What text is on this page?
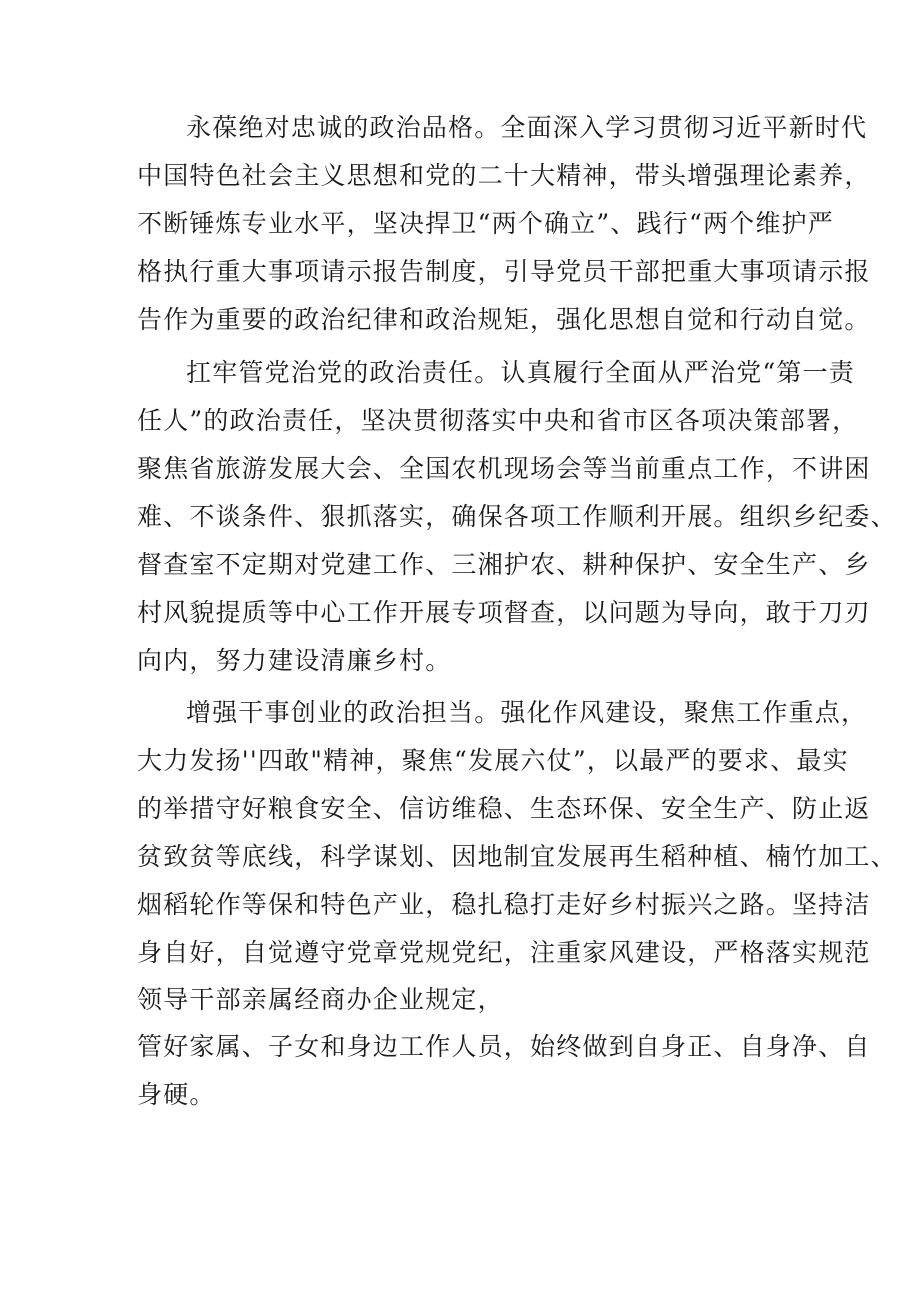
永葆绝对忠诚的政治品格。全面深入学习贯彻习近平新时代
中国特色社会主义思想和党的二十大精神，带头增强理论素养，
不断锤炼专业水平，坚决捍卫“两个确立”、践行“两个维护严
格执行重大事项请示报告制度，引导党员干部把重大事项请示报
告作为重要的政治纪律和政治规矩，强化思想自觉和行动自觉。
扛牢管党治党的政治责任。认真履行全面从严治党“第一责
任人”的政治责任，坚决贯彻落实中央和省市区各项决策部署，
聚焦省旅游发展大会、全国农机现场会等当前重点工作，不讲困
难、不谈条件、狠抓落实，确保各项工作顺利开展。组织乡纪委、
督查室不定期对党建工作、三湘护农、耕种保护、安全生产、乡
村风貌提质等中心工作开展专项督查，以问题为导向，敢于刀刃
向内，努力建设清廉乡村。
增强干事创业的政治担当。强化作风建设，聚焦工作重点，
大力发扬''四敢"精神，聚焦“发展六仗”，以最严的要求、最实
的举措守好粮食安全、信访维稳、生态环保、安全生产、防止返
贫致贫等底线，科学谋划、因地制宜发展再生稻种植、楠竹加工、
烟稻轮作等保和特色产业，稳扎稳打走好乡村振兴之路。坚持洁
身自好，自觉遵守党章党规党纪，注重家风建设，严格落实规范
领导干部亲属经商办企业规定，
管好家属、子女和身边工作人员，始终做到自身正、自身净、自
身硬。
